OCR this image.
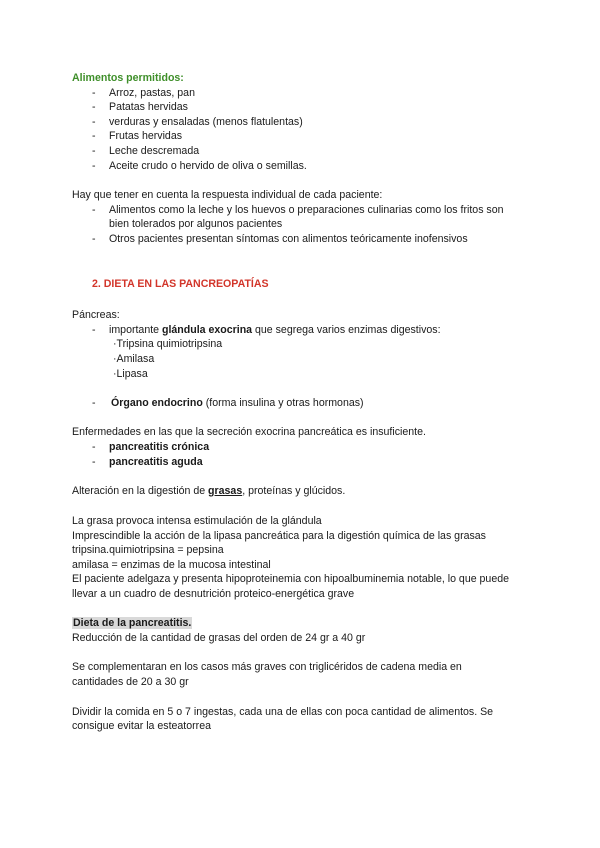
Alimentos permitidos:
- Arroz, pastas, pan
- Patatas hervidas
- verduras y ensaladas (menos flatulentas)
- Frutas hervidas
- Leche descremada
- Aceite crudo o hervido de oliva o semillas.
Hay que tener en cuenta la respuesta individual de cada paciente:
- Alimentos como la leche y los huevos o preparaciones culinarias como los fritos son
bien tolerados por algunos pacientes
- Otros pacientes presentan síntomas con alimentos teóricamente inofensivos
2. DIETA EN LAS PANCREOPATÍAS
Páncreas:
- importante glándula exocrina que segrega varios enzimas digestivos:
·Tripsina quimiotripsina
·Amilasa
·Lipasa
- Órgano endocrino (forma insulina y otras hormonas)
Enfermedades en las que la secreción exocrina pancreática es insuficiente.
- pancreatitis crónica
- pancreatitis aguda
Alteración en la digestión de grasas, proteínas y glúcidos.
La grasa provoca intensa estimulación de la glándula
Imprescindible la acción de la lipasa pancreática para la digestión química de las grasas
tripsina.quimiotripsina = pepsina
amilasa = enzimas de la mucosa intestinal
El paciente adelgaza y presenta hipoproteinemia con hipoalbuminemia notable, lo que puede
llevar a un cuadro de desnutrición proteico-energética grave
Dieta de la pancreatitis.
Reducción de la cantidad de grasas del orden de 24 gr a 40 gr
Se complementaran en los casos más graves con triglicéridos de cadena media en
cantidades de 20 a 30 gr
Dividir la comida en 5 o 7 ingestas, cada una de ellas con poca cantidad de alimentos. Se
consigue evitar la esteatorrea
